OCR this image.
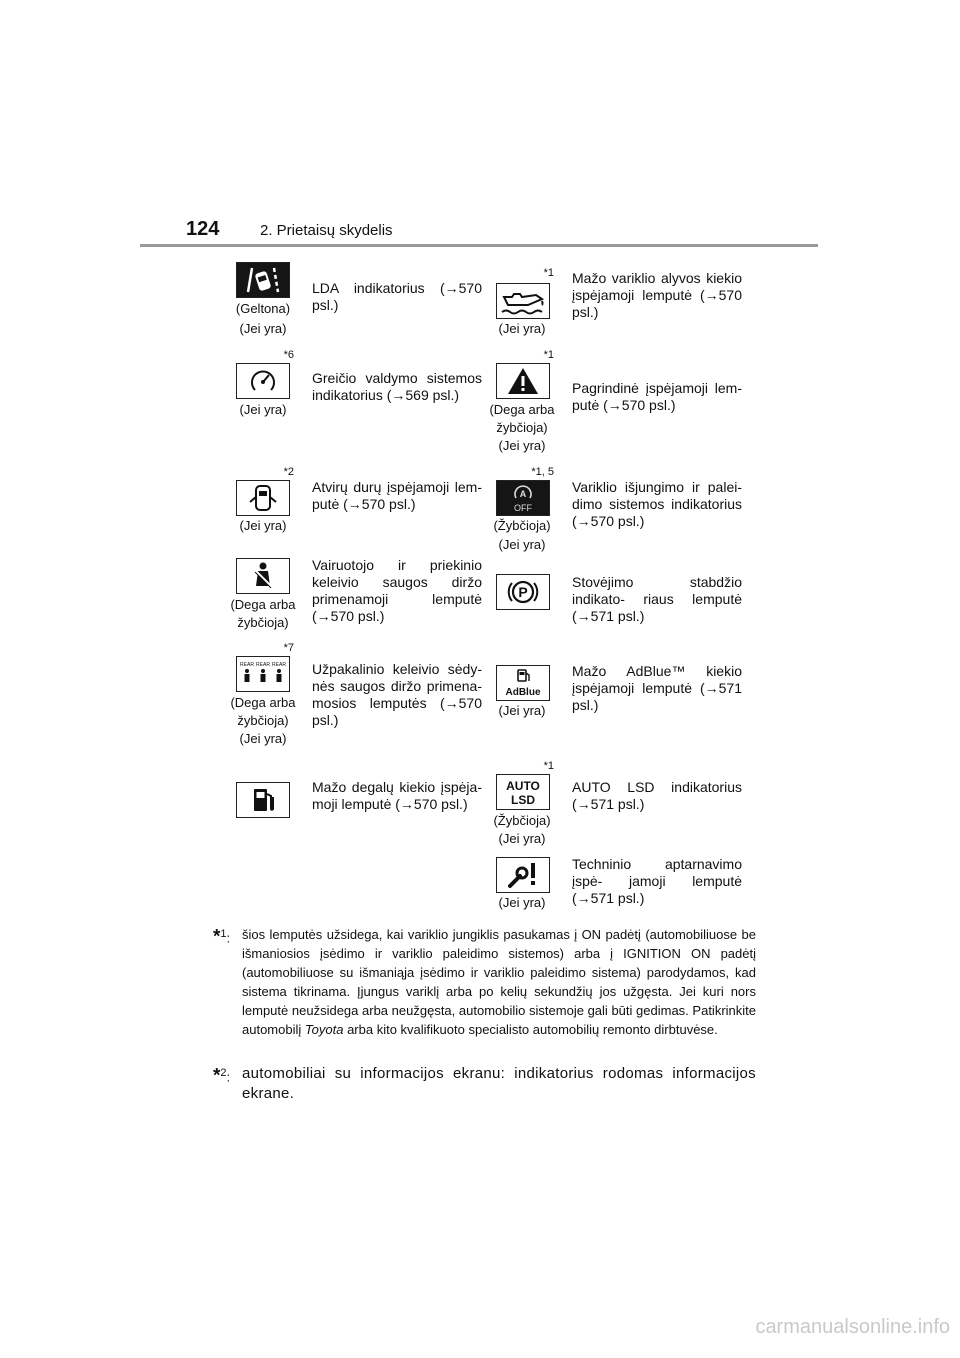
124	2. Prietaisų skydelis
(Geltona)
(Jei yra)
LDA indikatorius (→570 psl.)
*1
(Jei yra)
Mažo variklio alyvos kiekio įspėjamoji lemputė (→570 psl.)
*6
(Jei yra)
Greičio valdymo sistemos indikatorius (→569 psl.)
*1
(Dega arba
žybčioja)
(Jei yra)
Pagrindinė įspėjamoji lem- putė (→570 psl.)
*2
(Jei yra)
Atvirų durų įspėjamoji lem- putė (→570 psl.)
*1, 5
A
OFF
(Žybčioja)
(Jei yra)
Variklio išjungimo ir palei- dimo sistemos indikatorius (→570 psl.)
(Dega arba
žybčioja)
Vairuotojo ir priekinio keleivio saugos diržo primenamoji lemputė (→570 psl.)
P
Stovėjimo stabdžio indikato- riaus lemputė (→571 psl.)
*7
REAR REAR REAR
(Dega arba
žybčioja)
(Jei yra)
Užpakalinio keleivio sėdy- nės saugos diržo primena- mosios lemputės (→570 psl.)
AdBlue
(Jei yra)
Mažo AdBlue™ kiekio įspėjamoji lemputė (→571 psl.)
Mažo degalų kiekio įspėja- moji lemputė (→570 psl.)
*1
AUTO
LSD
(Žybčioja)
(Jei yra)
AUTO LSD indikatorius (→571 psl.)
(Jei yra)
Techninio aptarnavimo įspė- jamoji lemputė (→571 psl.)
*$^1$: šios lemputės užsidega, kai variklio jungiklis pasukamas į ON padėtį (automobiliuose be išmaniosios įsėdimo ir variklio paleidimo sistemos) arba į IGNITION ON padėtį (automobiliuose su išmaniąja įsėdimo ir variklio paleidimo sistema) parodydamos, kad sistema tikrinama. Įjungus variklį arba po kelių sekundžių jos užgęsta. Jei kuri nors lemputė neužsidega arba neužgęsta, automobilio sistemoje gali būti gedimas. Patikrinkite automobilį Toyota arba kito kvalifikuoto specialisto automobilių remonto dirbtuvėse.
*$^2$: automobiliai su informacijos ekranu: indikatorius rodomas informacijos ekrane.
carmanualsonline.info
